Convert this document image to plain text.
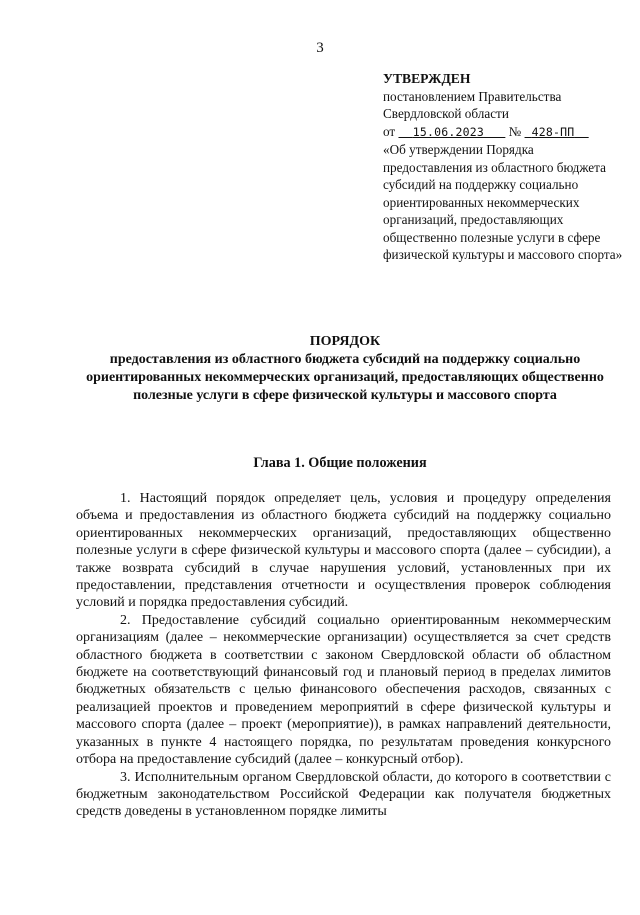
3
УТВЕРЖДЕН
постановлением Правительства
Свердловской области
от 15.06.2023 № 428-ПП
«Об утверждении Порядка предоставления из областного бюджета субсидий на поддержку социально ориентированных некоммерческих организаций, предоставляющих общественно полезные услуги в сфере физической культуры и массового спорта»
ПОРЯДОК
предоставления из областного бюджета субсидий на поддержку социально ориентированных некоммерческих организаций, предоставляющих общественно полезные услуги в сфере физической культуры и массового спорта
Глава 1. Общие положения

1. Настоящий порядок определяет цель, условия и процедуру определения объема и предоставления из областного бюджета субсидий на поддержку социально ориентированных некоммерческих организаций, предоставляющих общественно полезные услуги в сфере физической культуры и массового спорта (далее – субсидии), а также возврата субсидий в случае нарушения условий, установленных при их предоставлении, представления отчетности и осуществления проверок соблюдения условий и порядка предоставления субсидий.

2. Предоставление субсидий социально ориентированным некоммерческим организациям (далее – некоммерческие организации) осуществляется за счет средств областного бюджета в соответствии с законом Свердловской области об областном бюджете на соответствующий финансовый год и плановый период в пределах лимитов бюджетных обязательств с целью финансового обеспечения расходов, связанных с реализацией проектов и проведением мероприятий в сфере физической культуры и массового спорта (далее – проект (мероприятие)), в рамках направлений деятельности, указанных в пункте 4 настоящего порядка, по результатам проведения конкурсного отбора на предоставление субсидий (далее – конкурсный отбор).

3. Исполнительным органом Свердловской области, до которого в соответствии с бюджетным законодательством Российской Федерации как получателя бюджетных средств доведены в установленном порядке лимиты
